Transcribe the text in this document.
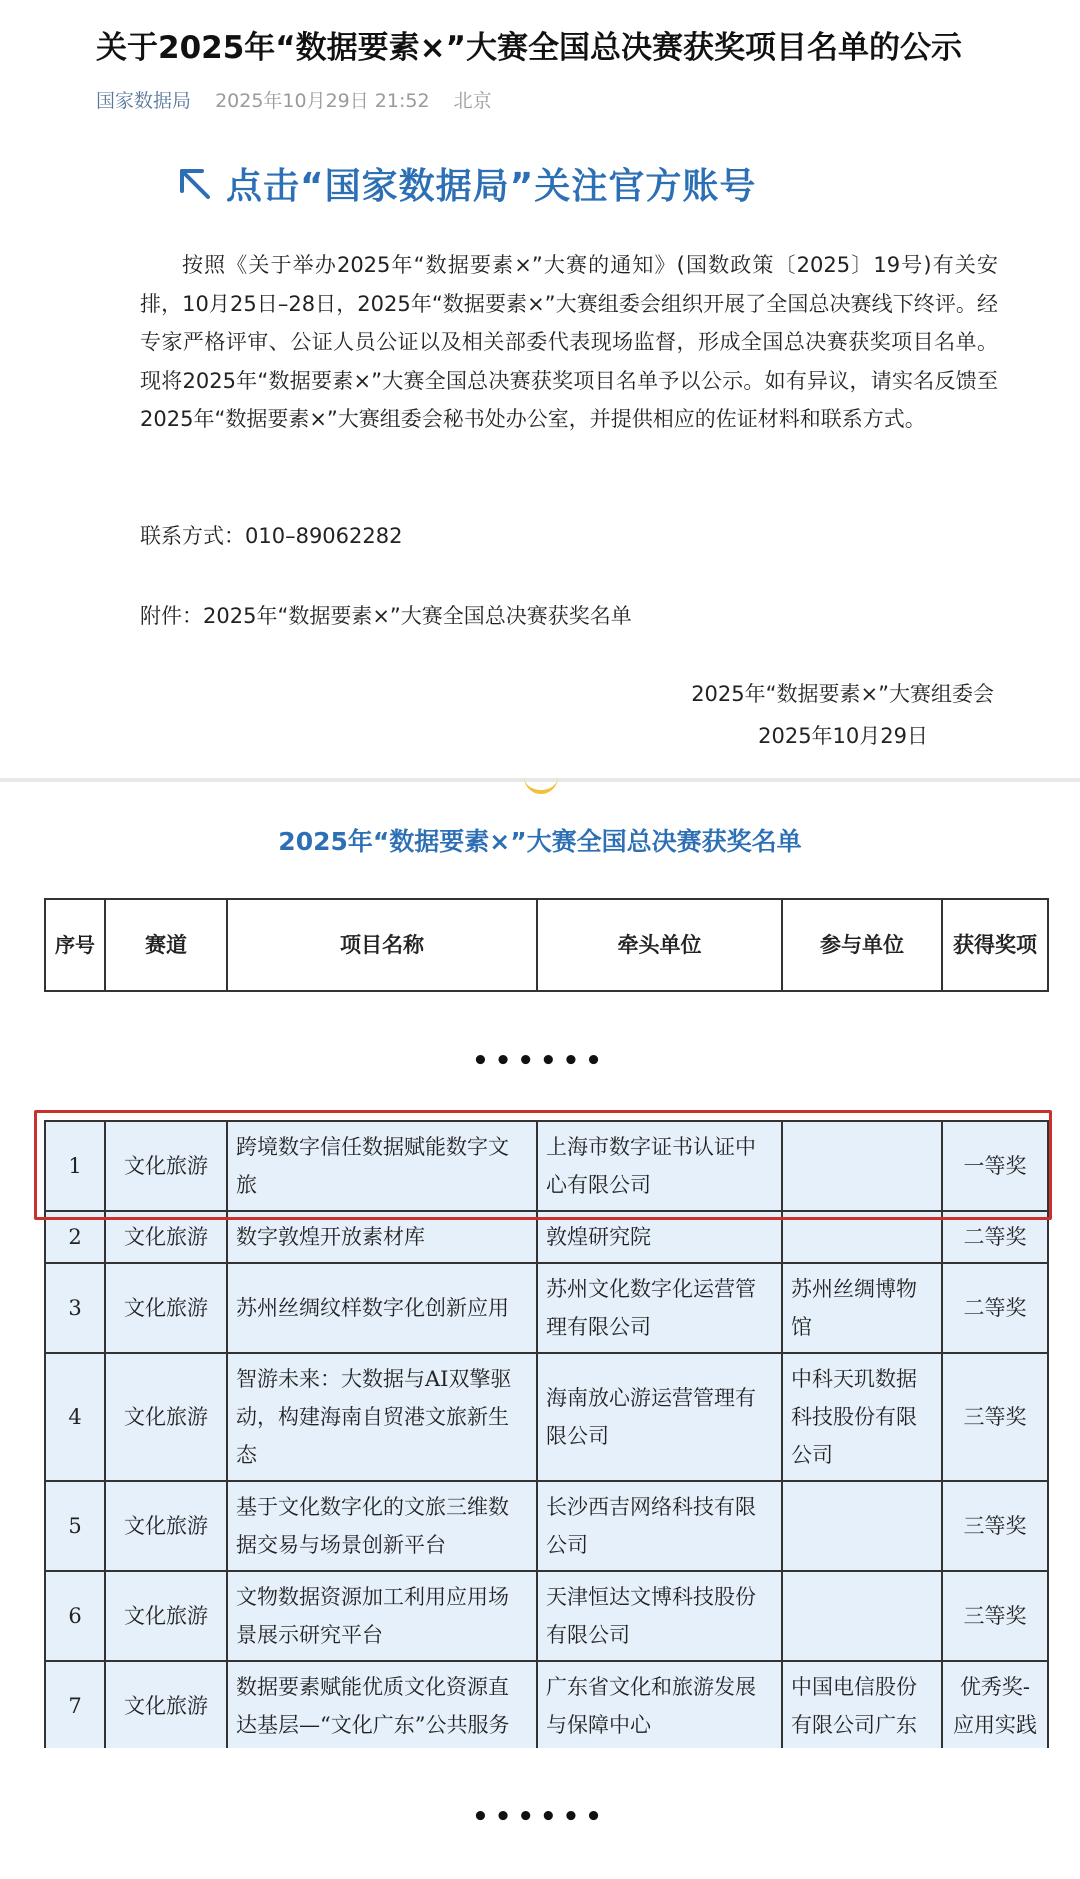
关于2025年“数据要素×”大赛全国总决赛获奖项目名单的公示
国家数据局 2025年10月29日 21:52 北京
点击“国家数据局”关注官方账号

按照《关于举办2025年“数据要素×”大赛的通知》(国数政策〔2025〕19号)有关安排，10月25日–28日，2025年“数据要素×”大赛组委会组织开展了全国总决赛线下终评。经专家严格评审、公证人员公证以及相关部委代表现场监督，形成全国总决赛获奖项目名单。现将2025年“数据要素×”大赛全国总决赛获奖项目名单予以公示。如有异议，请实名反馈至2025年“数据要素×”大赛组委会秘书处办公室，并提供相应的佐证材料和联系方式。

联系方式：010–89062282

附件：2025年“数据要素×”大赛全国总决赛获奖名单

2025年“数据要素×”大赛组委会

2025年10月29日

2025年“数据要素×”大赛全国总决赛获奖名单
序号	赛道	项目名称	牵头单位	参与单位	获得奖项
••••••
1	文化旅游	跨境数字信任数据赋能数字文旅	上海市数字证书认证中心有限公司		一等奖
2	文化旅游	数字敦煌开放素材库	敦煌研究院		二等奖
3	文化旅游	苏州丝绸纹样数字化创新应用	苏州文化数字化运营管理有限公司	苏州丝绸博物馆	二等奖
4	文化旅游	智游未来：大数据与AI双擎驱动，构建海南自贸港文旅新生态	海南放心游运营管理有限公司	中科天玑数据科技股份有限公司	三等奖
5	文化旅游	基于文化数字化的文旅三维数据交易与场景创新平台	长沙西吉网络科技有限公司		三等奖
6	文化旅游	文物数据资源加工利用应用场景展示研究平台	天津恒达文博科技股份有限公司		三等奖
7	文化旅游	数据要素赋能优质文化资源直达基层—“文化广东”公共服务	广东省文化和旅游发展与保障中心	中国电信股份有限公司广东	优秀奖-应用实践
••••••
